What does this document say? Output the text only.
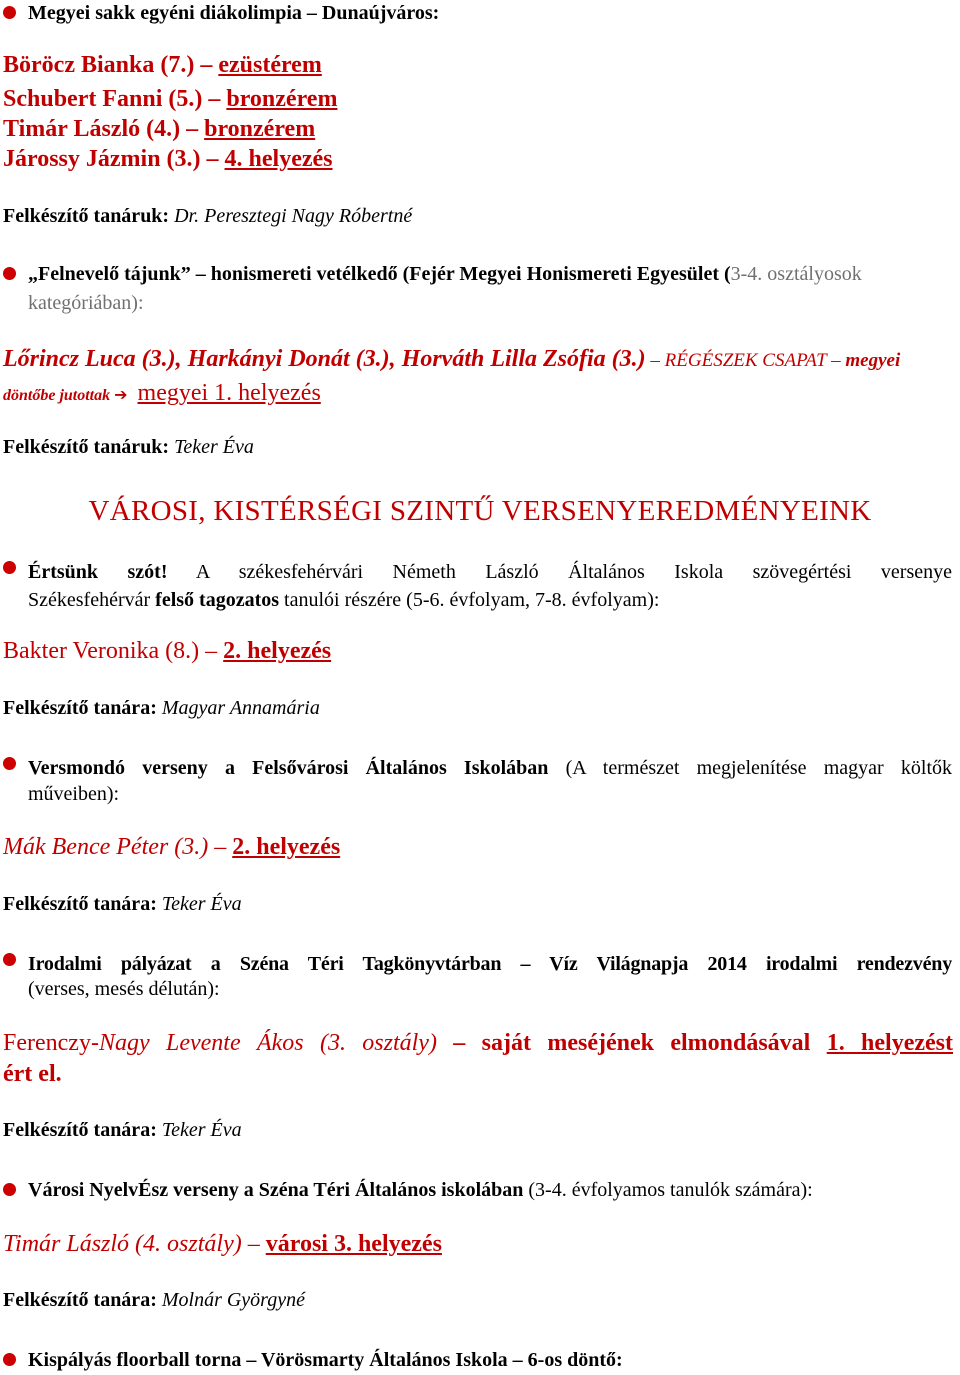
Megyei sakk egyéni diákolimpia – Dunaújváros:
Böröcz Bianka (7.) – ezüstérem
Schubert Fanni (5.) – bronzérem
Timár László (4.) – bronzérem
Járossy Jázmin (3.) – 4. helyezés
Felkészítő tanáruk: Dr. Peresztegi Nagy Róbertné
„Felnevelő tájunk” – honismereti vetélkedő (Fejér Megyei Honismereti Egyesület (3-4. osztályosok
kategóriában):
Lőrincz Luca (3.), Harkányi Donát (3.), Horváth Lilla Zsófia (3.) – RÉGÉSZEK CSAPAT – megyei
döntőbe jutottak ➔ megyei 1. helyezés
Felkészítő tanáruk: Teker Éva
VÁROSI, KISTÉRSÉGI SZINTŰ VERSENYEREDMÉNYEINK
Értsünk szót! A székesfehérvári Németh László Általános Iskola szövegértési versenye
Székesfehérvár felső tagozatos tanulói részére (5-6. évfolyam, 7-8. évfolyam):
Bakter Veronika (8.) – 2. helyezés
Felkészítő tanára: Magyar Annamária
Versmondó verseny a Felsővárosi Általános Iskolában (A természet megjelenítése magyar költők
műveiben):
Mák Bence Péter (3.) – 2. helyezés
Felkészítő tanára: Teker Éva
Irodalmi pályázat a Széna Téri Tagkönyvtárban – Víz Világnapja 2014 irodalmi rendezvény
(verses, mesés délután):
Ferenczy-Nagy Levente Ákos (3. osztály) – saját meséjének elmondásával 1. helyezést
ért el.
Felkészítő tanára: Teker Éva
Városi NyelvÉsz verseny a Széna Téri Általános iskolában (3-4. évfolyamos tanulók számára):
Timár László (4. osztály) – városi 3. helyezés
Felkészítő tanára: Molnár Györgyné
Kispályás floorball torna – Vörösmarty Általános Iskola – 6-os döntő:
